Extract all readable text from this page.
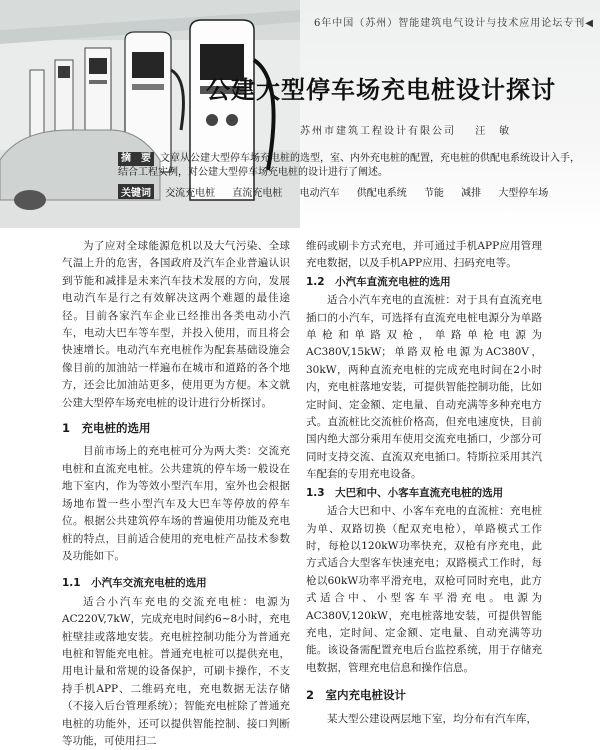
6年中国（苏州）智能建筑电气设计与技术应用论坛专刊◀
公建大型停车场充电桩设计探讨
苏州市建筑工程设计有限公司 汪　敏
摘　要 文章从公建大型停车场充电桩的选型，室、内外充电桩的配置，充电桩的供配电系统设计入手，结合工程实例，对公建大型停车场充电桩的设计进行了阐述。
关键词 交流充电桩 直流充电桩 电动汽车 供配电系统 节能 减排 大型停车场

为了应对全球能源危机以及大气污染、全球气温上升的危害，各国政府及汽车企业普遍认识到节能和减排是未来汽车技术发展的方向，发展电动汽车是行之有效解决这两个难题的最佳途径。目前各家汽车企业已经推出各类电动小汽车，电动大巴车等车型，并投入使用，而且将会快速增长。电动汽车充电桩作为配套基础设施会像目前的加油站一样遍布在城市和道路的各个地方，还会比加油站更多，使用更为方便。本文就公建大型停车场充电桩的设计进行分析探讨。

1　充电桩的选用

目前市场上的充电桩可分为两大类：交流充电桩和直流充电桩。公共建筑的停车场一般设在地下室内，作为等效小型汽车用，室外也会根据场地布置一些小型汽车及大巴车等停放的停车位。根据公共建筑停车场的普遍使用功能及充电桩的特点，目前适合使用的充电桩产品技术参数及功能如下。

1.1　小汽车交流充电桩的选用

适合小汽车充电的交流充电桩：电源为AC220V,7kW，完成充电时间约6~8小时，充电桩壁挂或落地安装。充电桩控制功能分为普通充电桩和智能充电桩。普通充电桩可以提供充电，用电计量和常规的设备保护，可刷卡操作，不支持手机APP、二维码充电，充电数据无法存储（不接入后台管理系统）；智能充电桩除了普通充电桩的功能外，还可以提供智能控制、接口判断等功能，可使用扫二

维码或刷卡方式充电，并可通过手机APP应用管理充电数据，以及手机APP应用、扫码充电等。

1.2　小汽车直流充电桩的选用

适合小汽车充电的直流桩：对于具有直流充电插口的小汽车，可选择有直流充电桩电源分为单路单枪和单路双枪，单路单枪电源为AC380V,15kW；单路双枪电源为AC380V，30kW，两种直流充电桩的完成充电时间在2小时内，充电桩落地安装，可提供智能控制功能，比如定时间、定金额、定电量、自动充满等多种充电方式。直流桩比交流桩价格高，但充电速度快，目前国内绝大部分乘用车使用交流充电插口，少部分可同时支持交流、直流双充电插口。特斯拉采用其汽车配套的专用充电设备。

1.3　大巴和中、小客车直流充电桩的选用

适合大巴和中、小客车充电的直流桩：充电桩为单、双路切换（配双充电枪），单路模式工作时，每枪以120kW功率快充，双枪有序充电，此方式适合大型客车快速充电；双路模式工作时，每枪以60kW功率平滑充电，双枪可同时充电，此方式适合中、小型客车平滑充电。电源为AC380V,120kW，充电桩落地安装，可提供智能充电，定时间、定金额、定电量、自动充满等功能。该设备需配置充电后台监控系统，用于存储充电数据，管理充电信息和操作信息。

2　室内充电桩设计

某大型公建设两层地下室，均分布有汽车库，
